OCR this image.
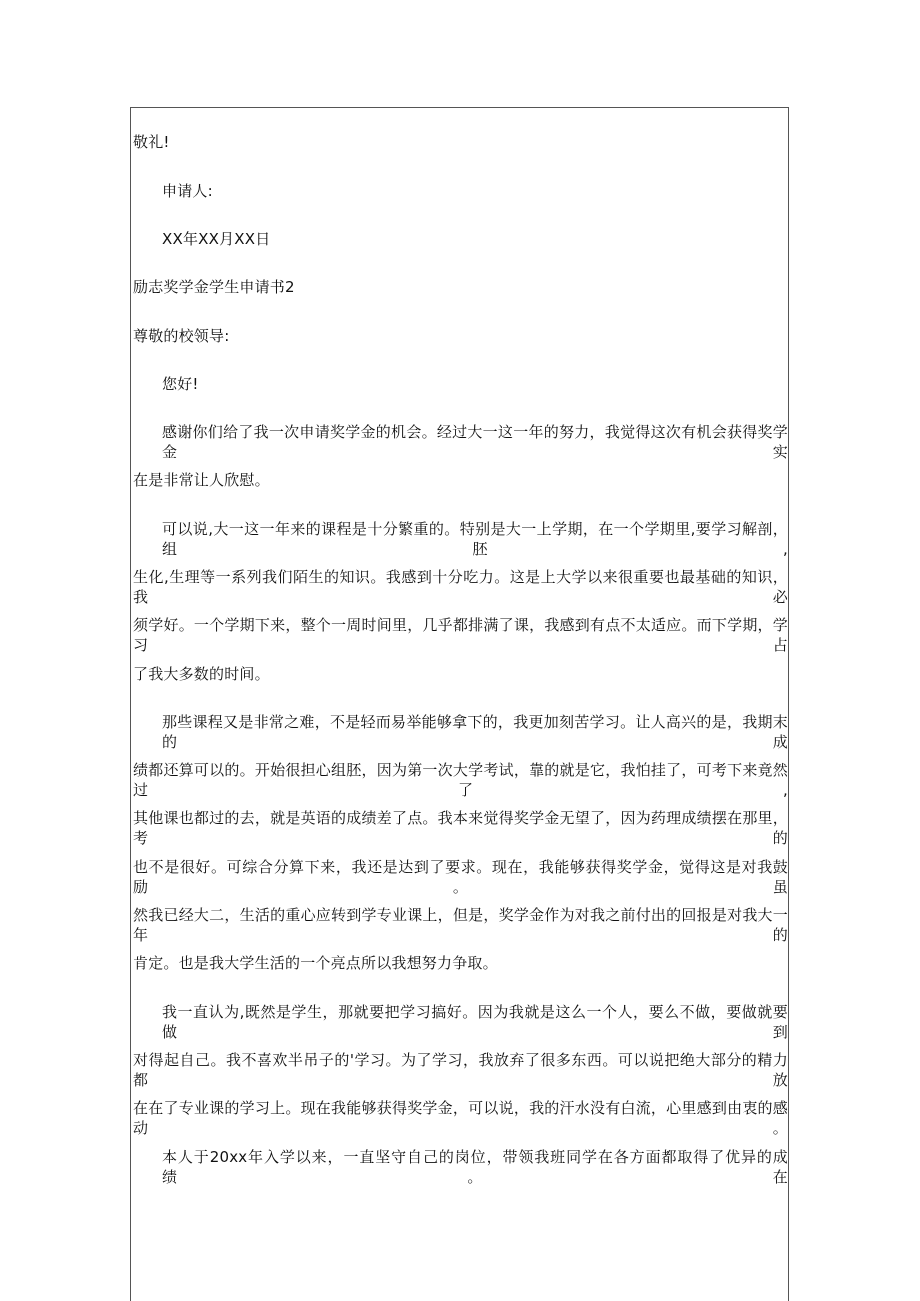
敬礼!
申请人:
XX年XX月XX日
励志奖学金学生申请书2
尊敬的校领导:
您好!
感谢你们给了我一次申请奖学金的机会。经过大一这一年的努力，我觉得这次有机会获得奖学金实
在是非常让人欣慰。
可以说,大一这一年来的课程是十分繁重的。特别是大一上学期，在一个学期里,要学习解剖，组胚,
生化,生理等一系列我们陌生的知识。我感到十分吃力。这是上大学以来很重要也最基础的知识，我必
须学好。一个学期下来，整个一周时间里，几乎都排满了课，我感到有点不太适应。而下学期，学习占
了我大多数的时间。
那些课程又是非常之难，不是轻而易举能够拿下的，我更加刻苦学习。让人高兴的是，我期末的成
绩都还算可以的。开始很担心组胚，因为第一次大学考试，靠的就是它，我怕挂了，可考下来竟然过了,
其他课也都过的去，就是英语的成绩差了点。我本来觉得奖学金无望了，因为药理成绩摆在那里，考的
也不是很好。可综合分算下来，我还是达到了要求。现在，我能够获得奖学金，觉得这是对我鼓励。虽
然我已经大二，生活的重心应转到学专业课上，但是，奖学金作为对我之前付出的回报是对我大一年的
肯定。也是我大学生活的一个亮点所以我想努力争取。
我一直认为,既然是学生，那就要把学习搞好。因为我就是这么一个人，要么不做，要做就要做到
对得起自己。我不喜欢半吊子的'学习。为了学习，我放弃了很多东西。可以说把绝大部分的精力都放
在在了专业课的学习上。现在我能够获得奖学金，可以说，我的汗水没有白流，心里感到由衷的感动。
本人于20xx年入学以来，一直坚守自己的岗位，带领我班同学在各方面都取得了优异的成绩。在
